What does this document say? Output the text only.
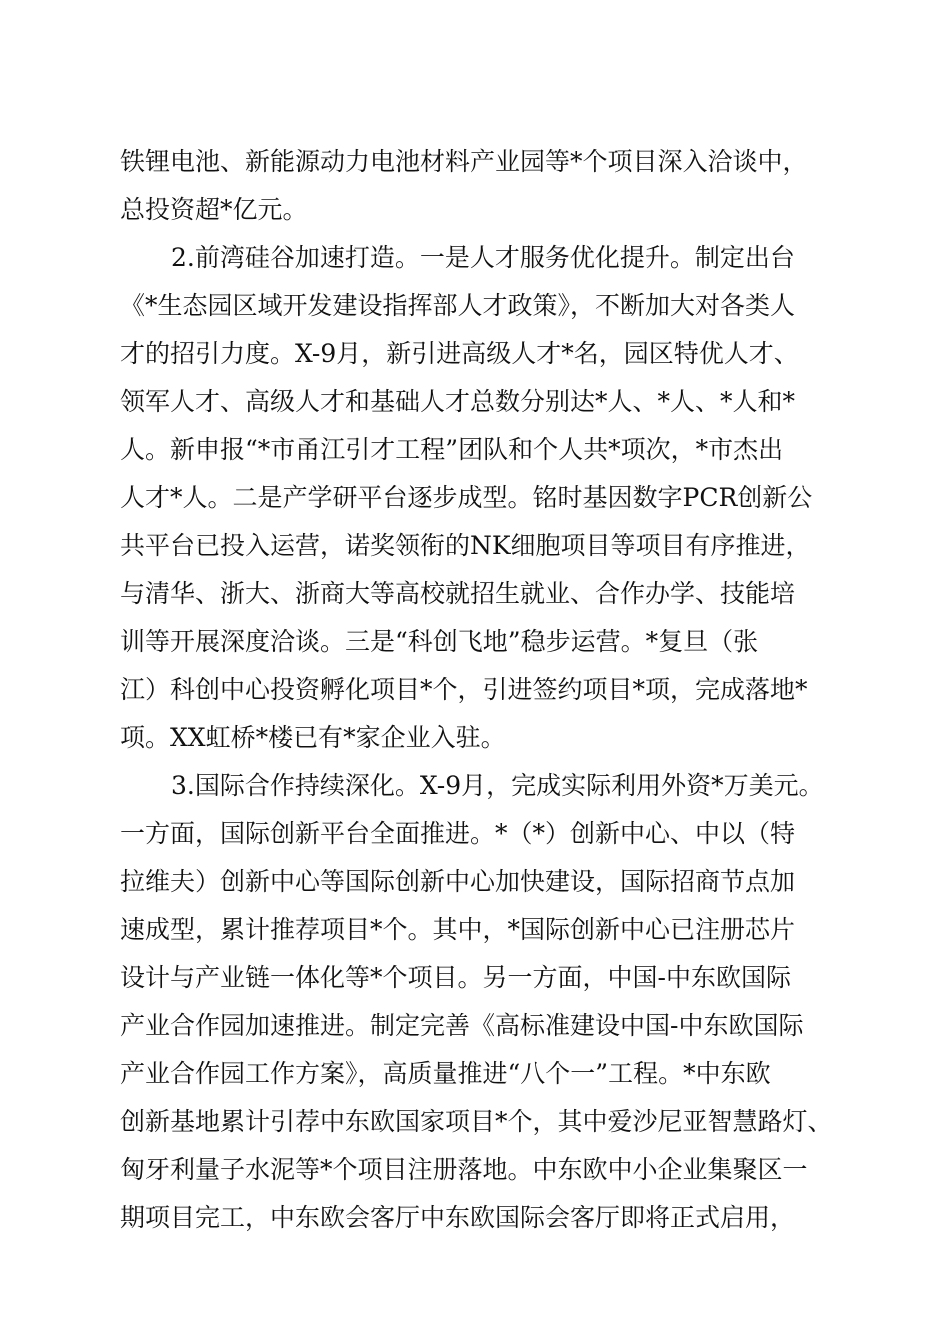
铁锂电池、新能源动力电池材料产业园等*个项目深入洽谈中，
总投资超*亿元。
2.前湾硅谷加速打造。一是人才服务优化提升。制定出台
《*生态园区域开发建设指挥部人才政策》，不断加大对各类人
才的招引力度。X-9月，新引进高级人才*名，园区特优人才、
领军人才、高级人才和基础人才总数分别达*人、*人、*人和*
人。新申报“*市甬江引才工程”团队和个人共*项次，*市杰出
人才*人。二是产学研平台逐步成型。铭时基因数字PCR创新公
共平台已投入运营，诺奖领衔的NK细胞项目等项目有序推进，
与清华、浙大、浙商大等高校就招生就业、合作办学、技能培
训等开展深度洽谈。三是“科创飞地”稳步运营。*复旦（张
江）科创中心投资孵化项目*个，引进签约项目*项，完成落地*
项。XX虹桥*楼已有*家企业入驻。
3.国际合作持续深化。X-9月，完成实际利用外资*万美元。
一方面，国际创新平台全面推进。*（*）创新中心、中以（特
拉维夫）创新中心等国际创新中心加快建设，国际招商节点加
速成型，累计推荐项目*个。其中，*国际创新中心已注册芯片
设计与产业链一体化等*个项目。另一方面，中国-中东欧国际
产业合作园加速推进。制定完善《高标准建设中国-中东欧国际
产业合作园工作方案》，高质量推进“八个一”工程。*中东欧
创新基地累计引荐中东欧国家项目*个，其中爱沙尼亚智慧路灯、
匈牙利量子水泥等*个项目注册落地。中东欧中小企业集聚区一
期项目完工，中东欧会客厅中东欧国际会客厅即将正式启用，
